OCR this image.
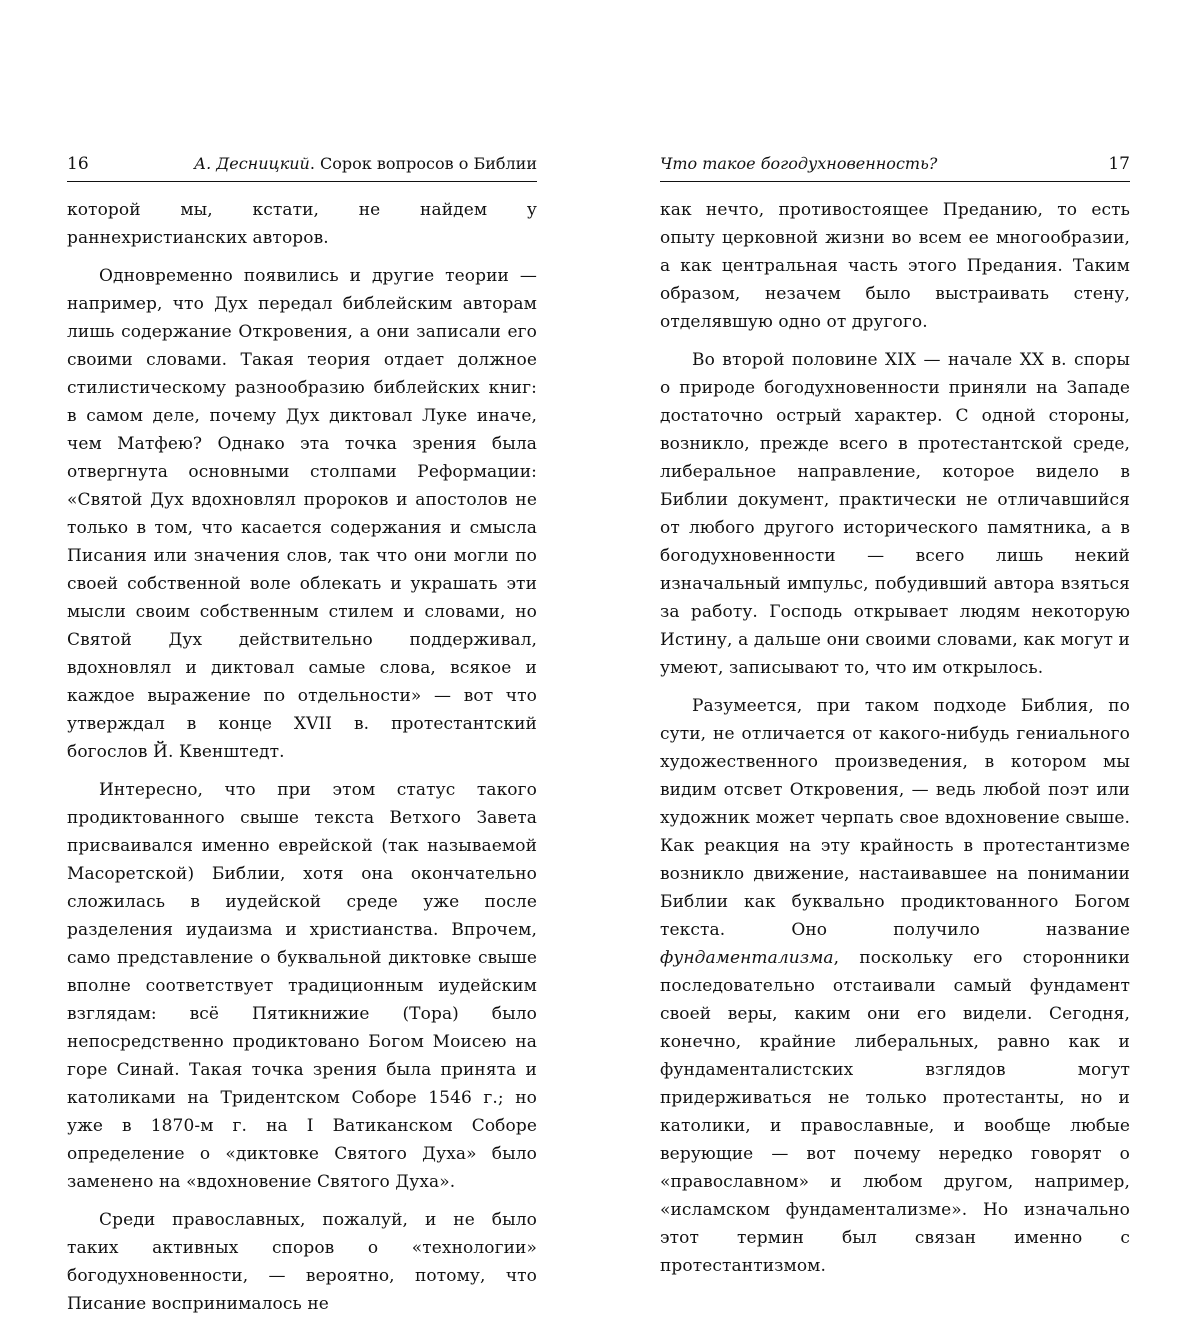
16	А. Десницкий. Сорок вопросов о Библии

которой мы, кстати, не найдем у раннехристианских авторов.

Одновременно появились и другие теории — например, что Дух передал библейским авторам лишь содержание Откровения, а они записали его своими словами. Такая теория отдает должное стилистическому разнообразию библейских книг: в самом деле, почему Дух диктовал Луке иначе, чем Матфею? Однако эта точка зрения была отвергнута основными столпами Реформации: «Святой Дух вдохновлял пророков и апостолов не только в том, что касается содержания и смысла Писания или значения слов, так что они могли по своей собственной воле облекать и украшать эти мысли своим собственным стилем и словами, но Святой Дух действительно поддерживал, вдохновлял и диктовал самые слова, всякое и каждое выражение по отдельности» — вот что утверждал в конце XVII в. протестантский богослов Й. Квенштедт.

Интересно, что при этом статус такого продиктованного свыше текста Ветхого Завета присваивался именно еврейской (так называемой Масоретской) Библии, хотя она окончательно сложилась в иудейской среде уже после разделения иудаизма и христианства. Впрочем, само представление о буквальной диктовке свыше вполне соответствует традиционным иудейским взглядам: всё Пятикнижие (Тора) было непосредственно продиктовано Богом Моисею на горе Синай. Такая точка зрения была принята и католиками на Тридентском Соборе 1546 г.; но уже в 1870-м г. на I Ватиканском Соборе определение о «диктовке Святого Духа» было заменено на «вдохновение Святого Духа».

Среди православных, пожалуй, и не было таких активных споров о «технологии» богодухновенности, — вероятно, потому, что Писание воспринималось не

Что такое богодухновенность?	17

как нечто, противостоящее Преданию, то есть опыту церковной жизни во всем ее многообразии, а как центральная часть этого Предания. Таким образом, незачем было выстраивать стену, отделявшую одно от другого.

Во второй половине XIX — начале XX в. споры о природе богодухновенности приняли на Западе достаточно острый характер. С одной стороны, возникло, прежде всего в протестантской среде, либеральное направление, которое видело в Библии документ, практически не отличавшийся от любого другого исторического памятника, а в богодухновенности — всего лишь некий изначальный импульс, побудивший автора взяться за работу. Господь открывает людям некоторую Истину, а дальше они своими словами, как могут и умеют, записывают то, что им открылось.

Разумеется, при таком подходе Библия, по сути, не отличается от какого-нибудь гениального художественного произведения, в котором мы видим отсвет Откровения, — ведь любой поэт или художник может черпать свое вдохновение свыше. Как реакция на эту крайность в протестантизме возникло движение, настаивавшее на понимании Библии как буквально продиктованного Богом текста. Оно получило название фундаментализма, поскольку его сторонники последовательно отстаивали самый фундамент своей веры, каким они его видели. Сегодня, конечно, крайние либеральных, равно как и фундаменталистских взглядов могут придерживаться не только протестанты, но и католики, и православные, и вообще любые верующие — вот почему нередко говорят о «православном» и любом другом, например, «исламском фундаментализме». Но изначально этот термин был связан именно с протестантизмом.
